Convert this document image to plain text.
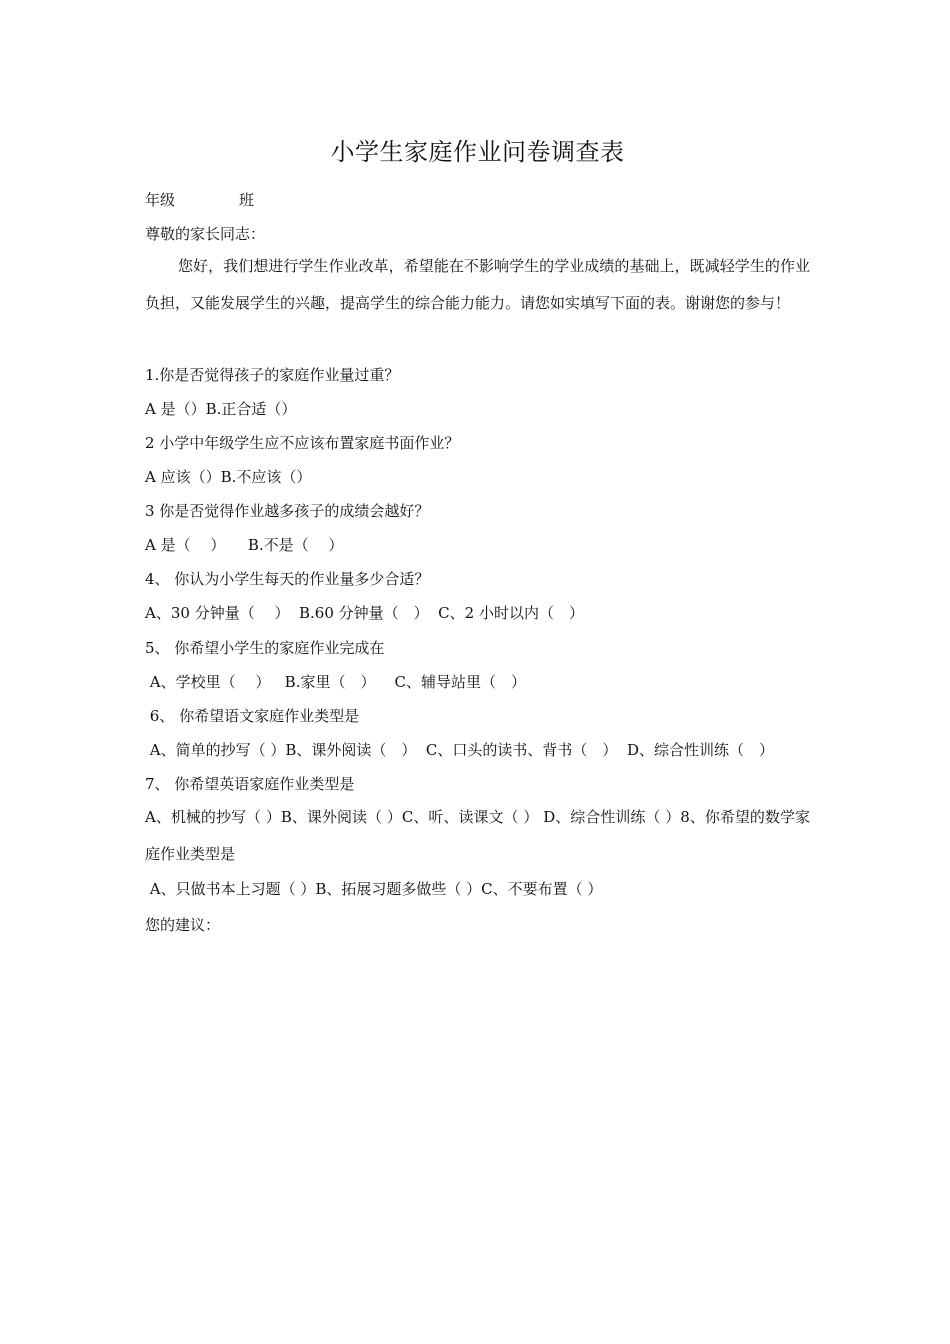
小学生家庭作业问卷调查表
年级	班
尊敬的家长同志：

您好，我们想进行学生作业改革，希望能在不影响学生的学业成绩的基础上，既减轻学生的作业负担，又能发展学生的兴趣，提高学生的综合能力能力。请您如实填写下面的表。谢谢您的参与！

1.你是否觉得孩子的家庭作业量过重？
A 是（）B.正合适（）
2 小学中年级学生应不应该布置家庭书面作业？
A 应该（）B.不应该（）
3 你是否觉得作业越多孩子的成绩会越好？
A 是（　 ）　　B.不是（　 ）
4、 你认为小学生每天的作业量多少合适？
A、30 分钟量（　 ）  B.60 分钟量（　）  C、2 小时以内（　）
5、 你希望小学生的家庭作业完成在
A、学校里（　 ）   B.家里（　）    C、辅导站里（　）
6、 你希望语文家庭作业类型是
A、简单的抄写（ ）B、课外阅读（　）  C、口头的读书、背书（　）  D、综合性训练（　）
7、 你希望英语家庭作业类型是

A、机械的抄写（ ）B、课外阅读（ ）C、听、读课文（ ） D、综合性训练（ ）8、你希望的数学家庭作业类型是

A、只做书本上习题（ ）B、拓展习题多做些（ ）C、不要布置（ ）
您的建议：
